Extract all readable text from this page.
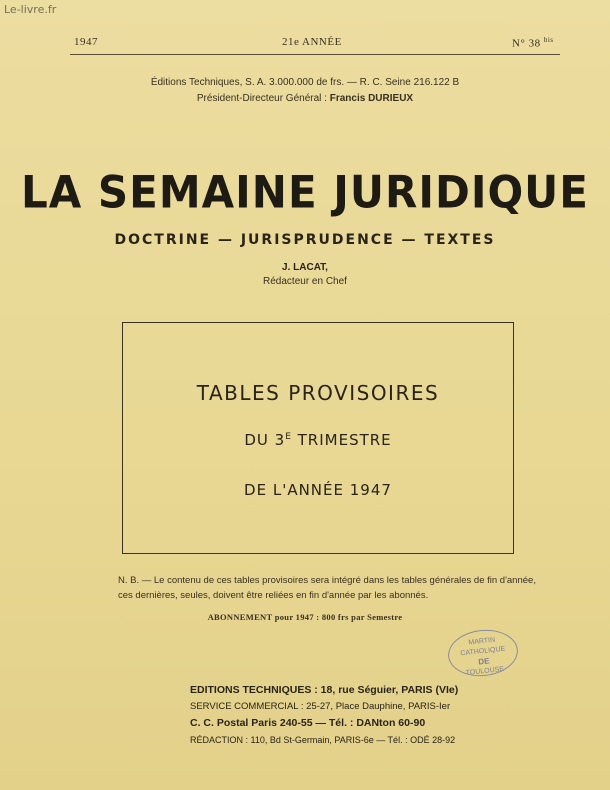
Le-livre.fr
1947	21e ANNÉE	N° 38 $^{bis}$
Éditions Techniques, S. A. 3.000.000 de frs. — R. C. Seine 216.122 B
Président-Directeur Général : Francis DURIEUX
LA SEMAINE JURIDIQUE
DOCTRINE — JURISPRUDENCE — TEXTES
J. LACAT,
Rédacteur en Chef
TABLES PROVISOIRES
DU $3^E$ TRIMESTRE
DE L'ANNÉE 1947
N. B. — Le contenu de ces tables provisoires sera intégré dans les tables générales de fin d'année, ces dernières, seules, doivent être reliées en fin d'année par les abonnés.
ABONNEMENT pour 1947 : 800 frs par Semestre
MARTIN CATHOLIQUE
DE
TOULOUSE
EDITIONS TECHNIQUES : 18, rue Séguier, PARIS (VIe)
SERVICE COMMERCIAL : 25-27, Place Dauphine, PARIS-Ier
C. C. Postal Paris 240-55 — Tél. : DANton 60-90
RÉDACTION : 110, Bd St-Germain, PARIS-6e — Tél. : ODÉ 28-92
